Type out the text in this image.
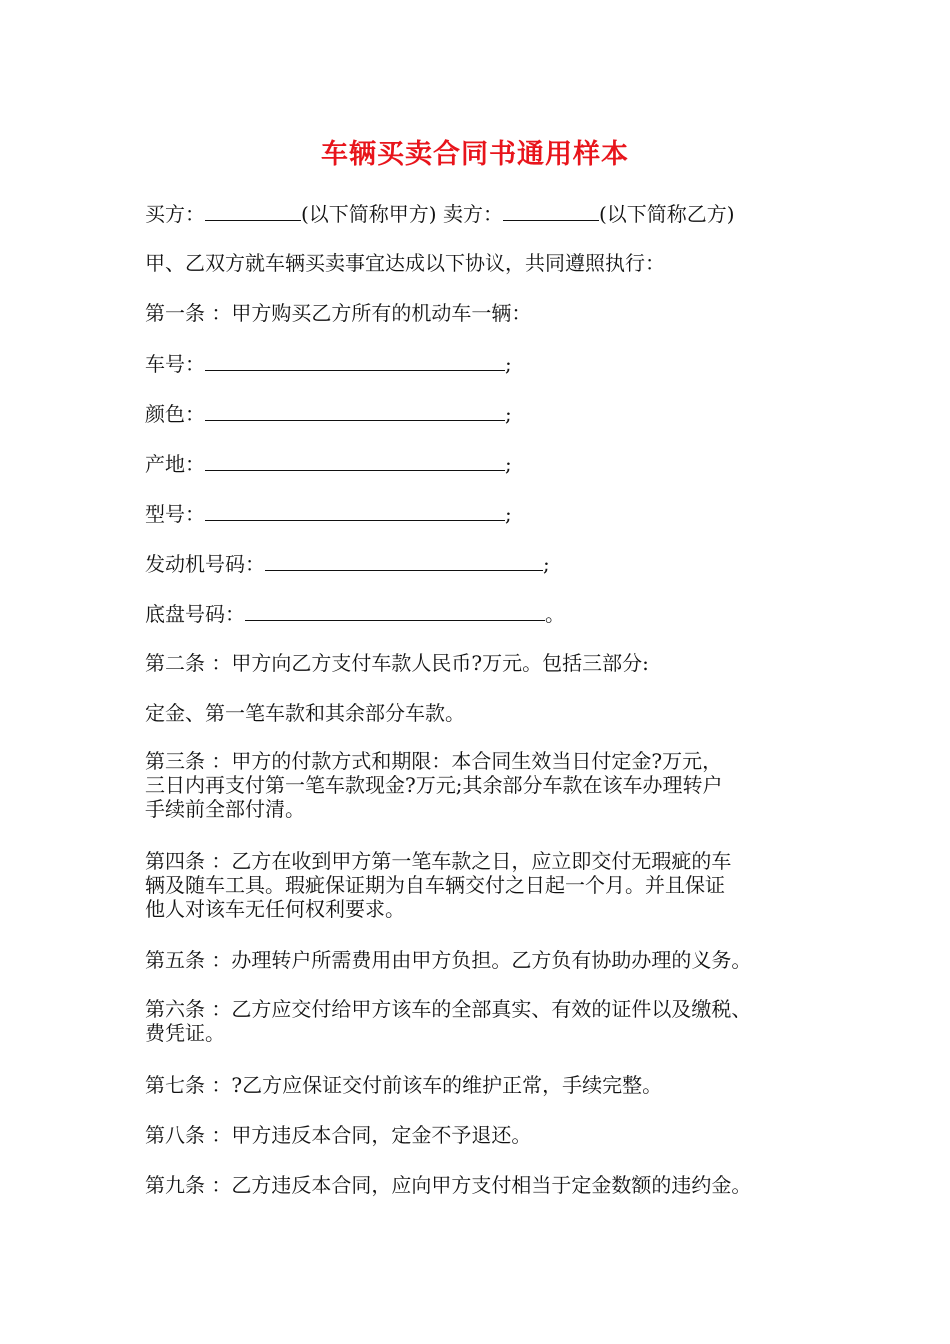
车辆买卖合同书通用样本
买方：	(以下简称甲方) 卖方：	(以下简称乙方)
甲、乙双方就车辆买卖事宜达成以下协议，共同遵照执行：
第一条 ：甲方购买乙方所有的机动车一辆：
车号：	;
颜色：	;
产地：	;
型号：	;
发动机号码：	;
底盘号码：	。
第二条 ：甲方向乙方支付车款人民币?万元。包括三部分:
定金、第一笔车款和其余部分车款。
第三条 ：甲方的付款方式和期限：本合同生效当日付定金?万元，
三日内再支付第一笔车款现金?万元;其余部分车款在该车办理转户
手续前全部付清。
第四条 ：乙方在收到甲方第一笔车款之日，应立即交付无瑕疵的车
辆及随车工具。瑕疵保证期为自车辆交付之日起一个月。并且保证
他人对该车无任何权利要求。
第五条 ：办理转户所需费用由甲方负担。乙方负有协助办理的义务。
第六条 ：乙方应交付给甲方该车的全部真实、有效的证件以及缴税、
费凭证。
第七条 ：?乙方应保证交付前该车的维护正常，手续完整。
第八条 ：甲方违反本合同，定金不予退还。
第九条 ：乙方违反本合同，应向甲方支付相当于定金数额的违约金。
